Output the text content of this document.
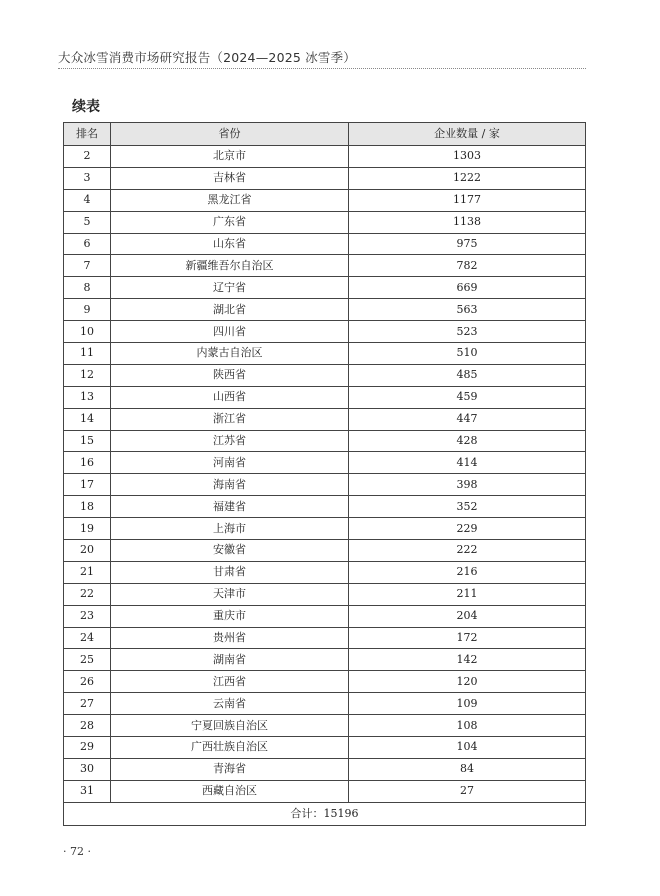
大众冰雪消费市场研究报告（2024—2025 冰雪季）
续表
排名	省份	企业数量 / 家
2	北京市	1303
3	吉林省	1222
4	黑龙江省	1177
5	广东省	1138
6	山东省	975
7	新疆维吾尔自治区	782
8	辽宁省	669
9	湖北省	563
10	四川省	523
11	内蒙古自治区	510
12	陕西省	485
13	山西省	459
14	浙江省	447
15	江苏省	428
16	河南省	414
17	海南省	398
18	福建省	352
19	上海市	229
20	安徽省	222
21	甘肃省	216
22	天津市	211
23	重庆市	204
24	贵州省	172
25	湖南省	142
26	江西省	120
27	云南省	109
28	宁夏回族自治区	108
29	广西壮族自治区	104
30	青海省	84
31	西藏自治区	27
合计：15196		
· 72 ·
